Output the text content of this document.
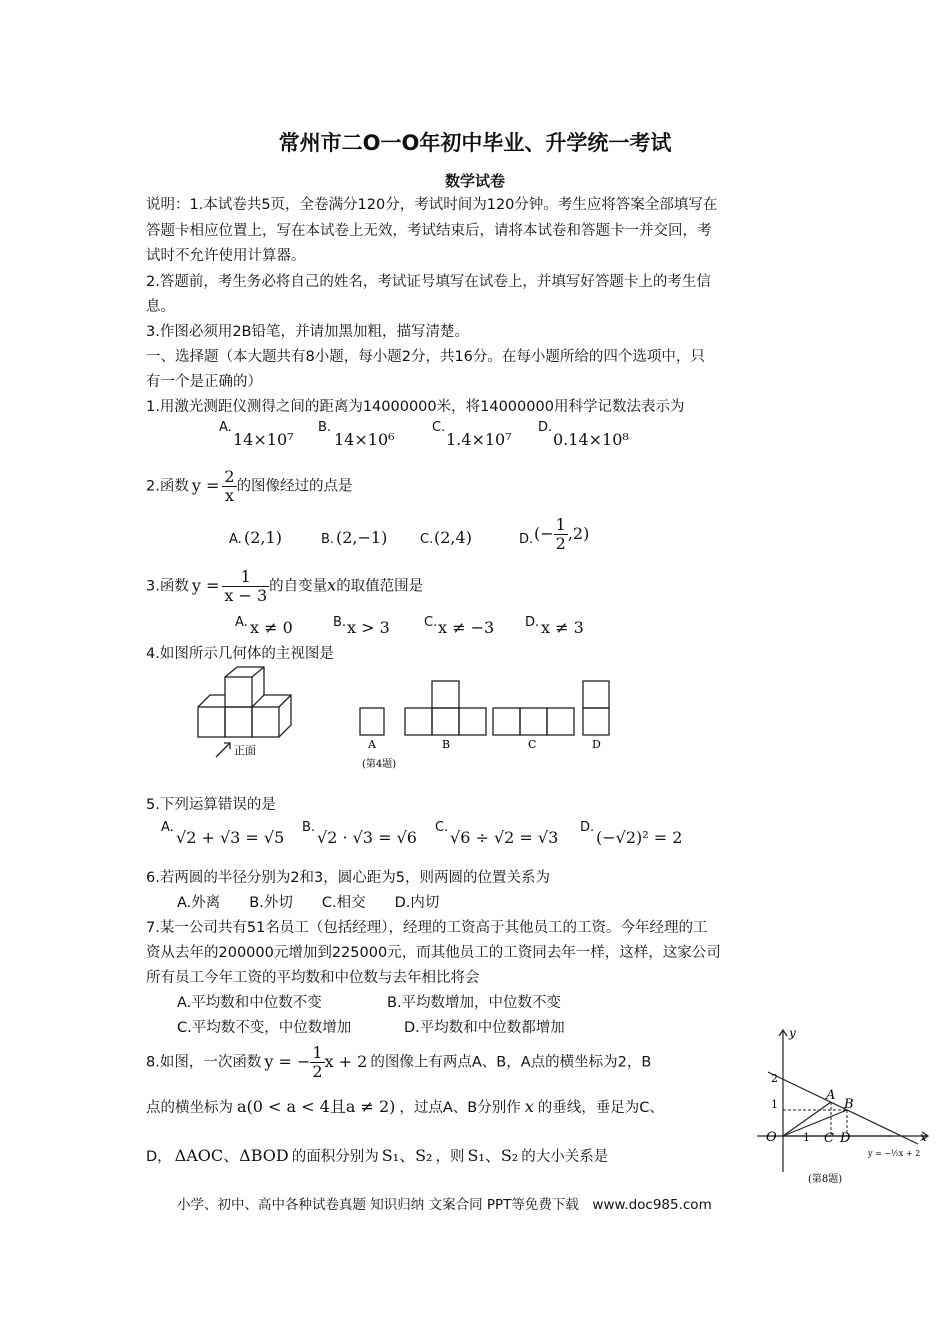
常州市二O一O年初中毕业、升学统一考试
数学试卷
说明：1.本试卷共5页，全卷满分120分，考试时间为120分钟。考生应将答案全部填写在
答题卡相应位置上，写在本试卷上无效，考试结束后，请将本试卷和答题卡一并交回，考
试时不允许使用计算器。
2.答题前，考生务必将自己的姓名，考试证号填写在试卷上，并填写好答题卡上的考生信
息。
3.作图必须用2B铅笔，并请加黑加粗，描写清楚。
一、选择题（本大题共有8小题，每小题2分，共16分。在每小题所给的四个选项中，只
有一个是正确的）
1.用激光测距仪测得之间的距离为14000000米，将14000000用科学记数法表示为
A.
14×10⁷
B.
14×10⁶
C.
1.4×10⁷
D.
0.14×10⁸
2.函数 $y = \frac{2}{x}$ 的图像经过的点是
A. (2,1)	B. (2,−1)	C. (2,4)	D. (− $\frac{1}{2} ,2$)
3.函数 $y = \frac{1}{x - 3}$ 的自变量x的取值范围是
A. x ≠ 0	B. x > 3	C. x ≠ −3 D. x ≠ 3
4.如图所示几何体的主视图是
正面	A	B	C	D
(第4题)
5.下列运算错误的是
A.
√2 + √3 = √5
B.
√2 · √3 = √6
C.
√6 ÷ √2 = √3
D.
(−√2)² = 2
6.若两圆的半径分别为2和3，圆心距为5，则两圆的位置关系为
A.外离　　B.外切　　C.相交　　D.内切
7.某一公司共有51名员工（包括经理），经理的工资高于其他员工的工资。今年经理的工
资从去年的200000元增加到225000元，而其他员工的工资同去年一样，这样，这家公司
所有员工今年工资的平均数和中位数与去年相比将会
A.平均数和中位数不变	B.平均数增加，中位数不变
C.平均数不变，中位数增加	D.平均数和中位数都增加
8.如图，一次函数 y = − $\frac{1}{2}$ x + 2 的图像上有两点A、B，A点的横坐标为2，B
点的横坐标为 a(0 < a < 4且a ≠ 2) ，过点A、B分别作 x 的垂线，垂足为C、
D， ΔAOC、ΔBOD 的面积分别为 S₁、S₂ ，则 S₁、S₂ 的大小关系是
y
2
1
A
B
O 1 C D	x
y = −½x + 2
(第8题)
小学、初中、高中各种试卷真题 知识归纳 文案合同 PPT等免费下载　www.doc985.com
